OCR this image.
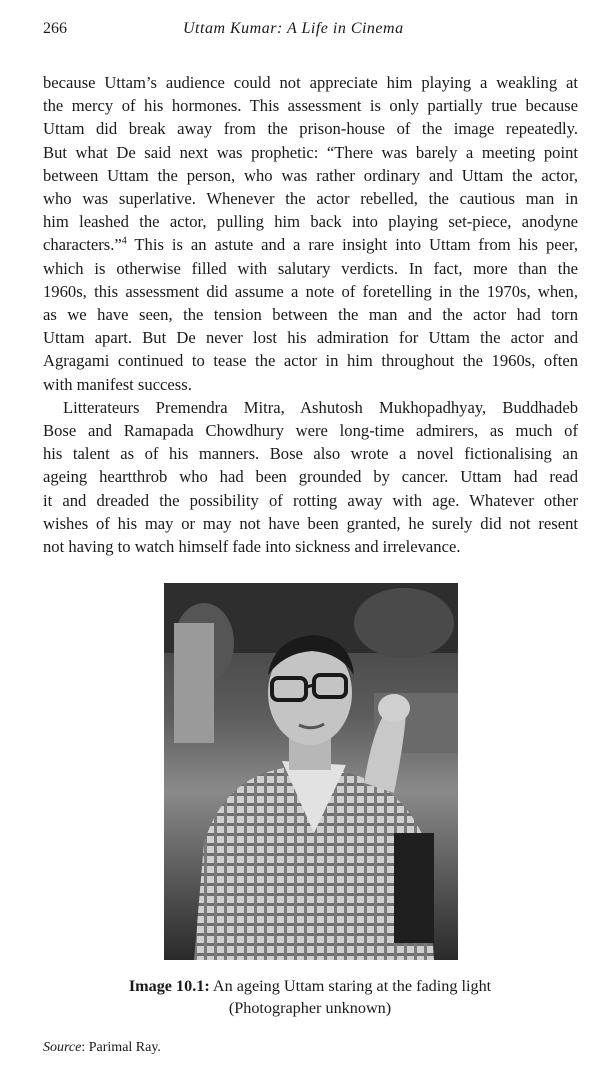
266	Uttam Kumar: A Life in Cinema
because Uttam’s audience could not appreciate him playing a weakling at
the mercy of his hormones. This assessment is only partially true because
Uttam did break away from the prison-house of the image repeatedly.
But what De said next was prophetic: “There was barely a meeting point
between Uttam the person, who was rather ordinary and Uttam the actor,
who was superlative. Whenever the actor rebelled, the cautious man in
him leashed the actor, pulling him back into playing set-piece, anodyne
characters.”$^4$ This is an astute and a rare insight into Uttam from his peer,
which is otherwise filled with salutary verdicts. In fact, more than the
1960s, this assessment did assume a note of foretelling in the 1970s, when,
as we have seen, the tension between the man and the actor had torn
Uttam apart. But De never lost his admiration for Uttam the actor and
Agragami continued to tease the actor in him throughout the 1960s, often
with manifest success.
Litterateurs Premendra Mitra, Ashutosh Mukhopadhyay, Buddhadeb
Bose and Ramapada Chowdhury were long-time admirers, as much of
his talent as of his manners. Bose also wrote a novel fictionalising an
ageing heartthrob who had been grounded by cancer. Uttam had read
it and dreaded the possibility of rotting away with age. Whatever other
wishes of his may or may not have been granted, he surely did not resent
not having to watch himself fade into sickness and irrelevance.
Image 10.1: An ageing Uttam staring at the fading light
(Photographer unknown)
Source: Parimal Ray.
